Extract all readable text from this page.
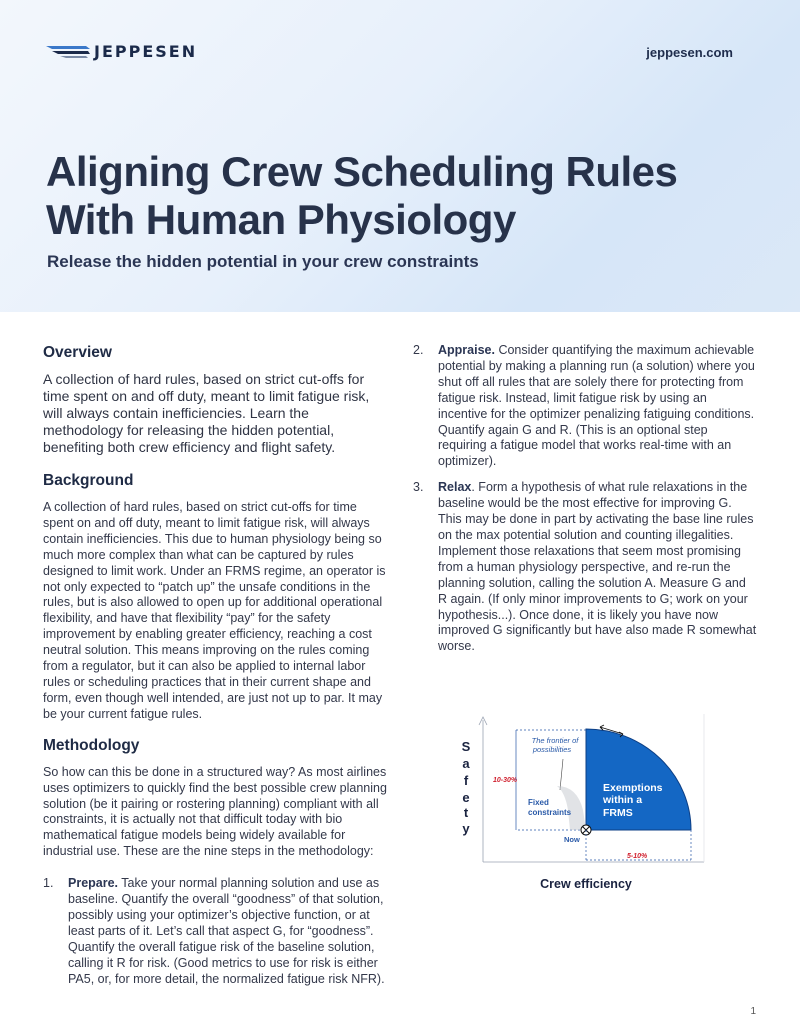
JEPPESEN	jeppesen.com
Aligning Crew Scheduling Rules With Human Physiology
Release the hidden potential in your crew constraints
Overview

A collection of hard rules, based on strict cut-offs for time spent on and off duty, meant to limit fatigue risk, will always contain inefficiencies. Learn the methodology for releasing the hidden potential, benefiting both crew efficiency and flight safety.

Background

A collection of hard rules, based on strict cut-offs for time spent on and off duty, meant to limit fatigue risk, will always contain inefficiencies. This due to human physiology being so much more complex than what can be captured by rules designed to limit work. Under an FRMS regime, an operator is not only expected to “patch up” the unsafe conditions in the rules, but is also allowed to open up for additional operational flexibility, and have that flexibility “pay” for the safety improvement by enabling greater efficiency, reaching a cost neutral solution. This means improving on the rules coming from a regulator, but it can also be applied to internal labor rules or scheduling practices that in their current shape and form, even though well intended, are just not up to par. It may be your current fatigue rules.

Methodology

So how can this be done in a structured way? As most airlines uses optimizers to quickly find the best possible crew planning solution (be it pairing or rostering planning) compliant with all constraints, it is actually not that difficult today with bio mathematical fatigue models being widely available for industrial use. These are the nine steps in the methodology:

1.	Prepare. Take your normal planning solution and use as baseline. Quantify the overall “goodness” of that solution, possibly using your optimizer’s objective function, or at least parts of it. Let’s call that aspect G, for “goodness”. Quantify the overall fatigue risk of the baseline solution, calling it R for risk. (Good metrics to use for risk is either PA5, or, for more detail, the normalized fatigue risk NFR).

2.	Appraise. Consider quantifying the maximum achievable potential by making a planning run (a solution) where you shut off all rules that are solely there for protecting from fatigue risk. Instead, limit fatigue risk by using an incentive for the optimizer penalizing fatiguing conditions. Quantify again G and R. (This is an optional step requiring a fatigue model that works real-time with an optimizer).

3.	Relax. Form a hypothesis of what rule relaxations in the baseline would be the most effective for improving G. This may be done in part by activating the base line rules on the max potential solution and counting illegalities. Implement those relaxations that seem most promising from a human physiology perspective, and re-run the planning solution, calling the solution A. Measure G and R again. (If only minor improvements to G; work on your hypothesis...). Once done, it is likely you have now improved G significantly but have also made R somewhat worse.

S
a
f
e
t
y
The frontier of
possibilities
10-30%
Fixed
constraints
Exemptions
within a
FRMS
Now
5-10%
Crew efficiency
1
